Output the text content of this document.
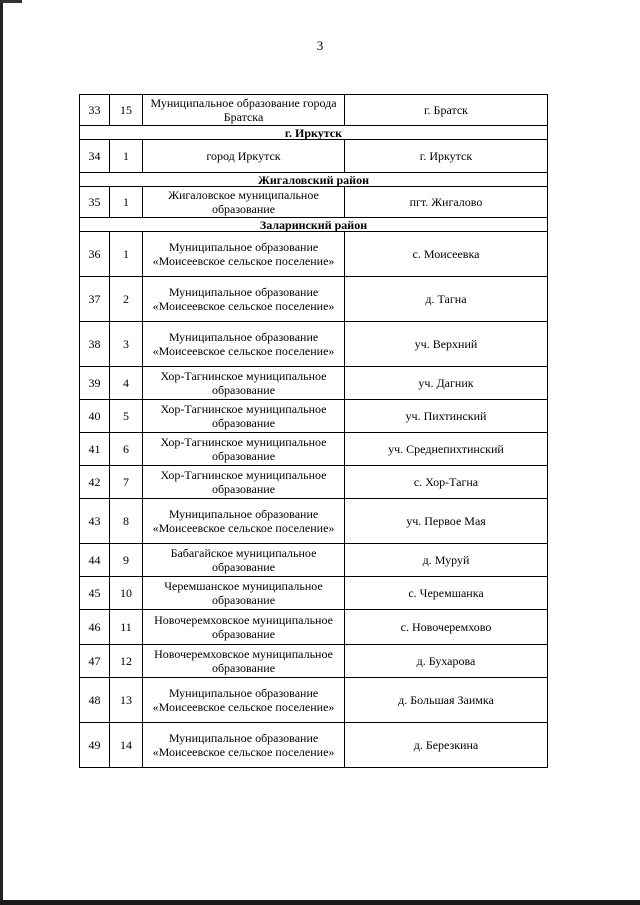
3
33	15	Муниципальное образование города Братска	г. Братск
г. Иркутск			
34	1	город Иркутск	г. Иркутск
Жигаловский район			
35	1	Жигаловское муниципальное образование	пгт. Жигалово
Заларинский район			
36	1	Муниципальное образование «Моисеевское сельское поселение»	с. Моисеевка
37	2	Муниципальное образование «Моисеевское сельское поселение»	д. Тагна
38	3	Муниципальное образование «Моисеевское сельское поселение»	уч. Верхний
39	4	Хор-Тагнинское муниципальное образование	уч. Дагник
40	5	Хор-Тагнинское муниципальное образование	уч. Пихтинский
41	6	Хор-Тагнинское муниципальное образование	уч. Среднепихтинский
42	7	Хор-Тагнинское муниципальное образование	с. Хор-Тагна
43	8	Муниципальное образование «Моисеевское сельское поселение»	уч. Первое Мая
44	9	Бабагайское муниципальное образование	д. Муруй
45	10	Черемшанское муниципальное образование	с. Черемшанка
46	11	Новочеремховское муниципальное образование	с. Новочеремхово
47	12	Новочеремховское муниципальное образование	д. Бухарова
48	13	Муниципальное образование «Моисеевское сельское поселение»	д. Большая Заимка
49	14	Муниципальное образование «Моисеевское сельское поселение»	д. Березкина
